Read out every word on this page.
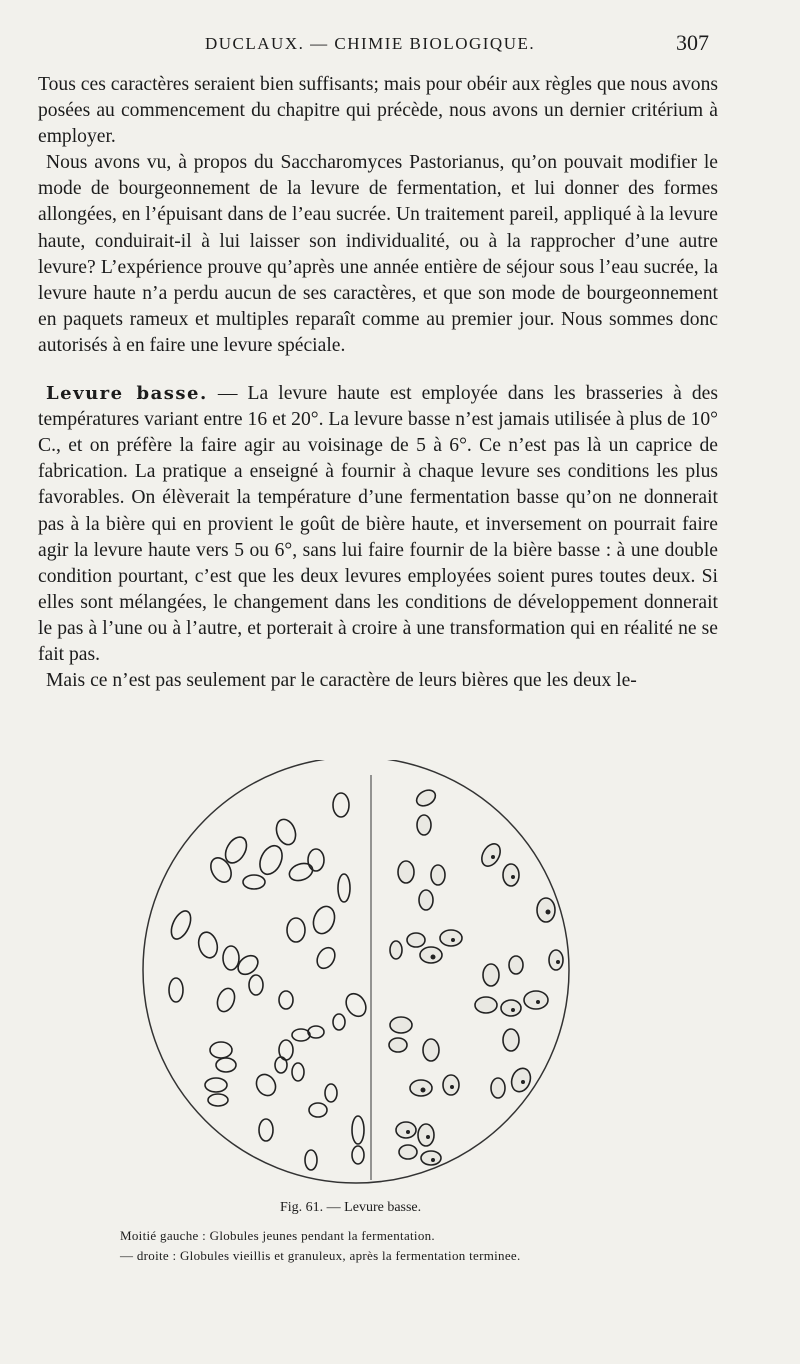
DUCLAUX. — CHIMIE BIOLOGIQUE.	307

Tous ces caractères seraient bien suffisants; mais pour obéir aux règles que nous avons posées au commencement du chapitre qui précède, nous avons un dernier critérium à employer.

Nous avons vu, à propos du Saccharomyces Pastorianus, qu’on pouvait modifier le mode de bourgeonnement de la levure de fermentation, et lui donner des formes allongées, en l’épuisant dans de l’eau sucrée. Un traitement pareil, appliqué à la levure haute, conduirait-il à lui laisser son individualité, ou à la rapprocher d’une autre levure? L’expérience prouve qu’après une année entière de séjour sous l’eau sucrée, la levure haute n’a perdu aucun de ses caractères, et que son mode de bourgeonnement en paquets rameux et multiples reparaît comme au premier jour. Nous sommes donc autorisés à en faire une levure spéciale.

Levure basse. — La levure haute est employée dans les brasseries à des températures variant entre 16 et 20°. La levure basse n’est jamais utilisée à plus de 10° C., et on préfère la faire agir au voisinage de 5 à 6°. Ce n’est pas là un caprice de fabrication. La pratique a enseigné à fournir à chaque levure ses conditions les plus favorables. On élèverait la température d’une fermentation basse qu’on ne donnerait pas à la bière qui en provient le goût de bière haute, et inversement on pourrait faire agir la levure haute vers 5 ou 6°, sans lui faire fournir de la bière basse : à une double condition pourtant, c’est que les deux levures employées soient pures toutes deux. Si elles sont mélangées, le changement dans les conditions de développement donnerait le pas à l’une ou à l’autre, et porterait à croire à une transformation qui en réalité ne se fait pas.

Mais ce n’est pas seulement par le caractère de leurs bières que les deux le-

Fig. 61. — Levure basse.
Moitié gauche : Globules jeunes pendant la fermentation.
— droite : Globules vieillis et granuleux, après la fermentation terminee.
